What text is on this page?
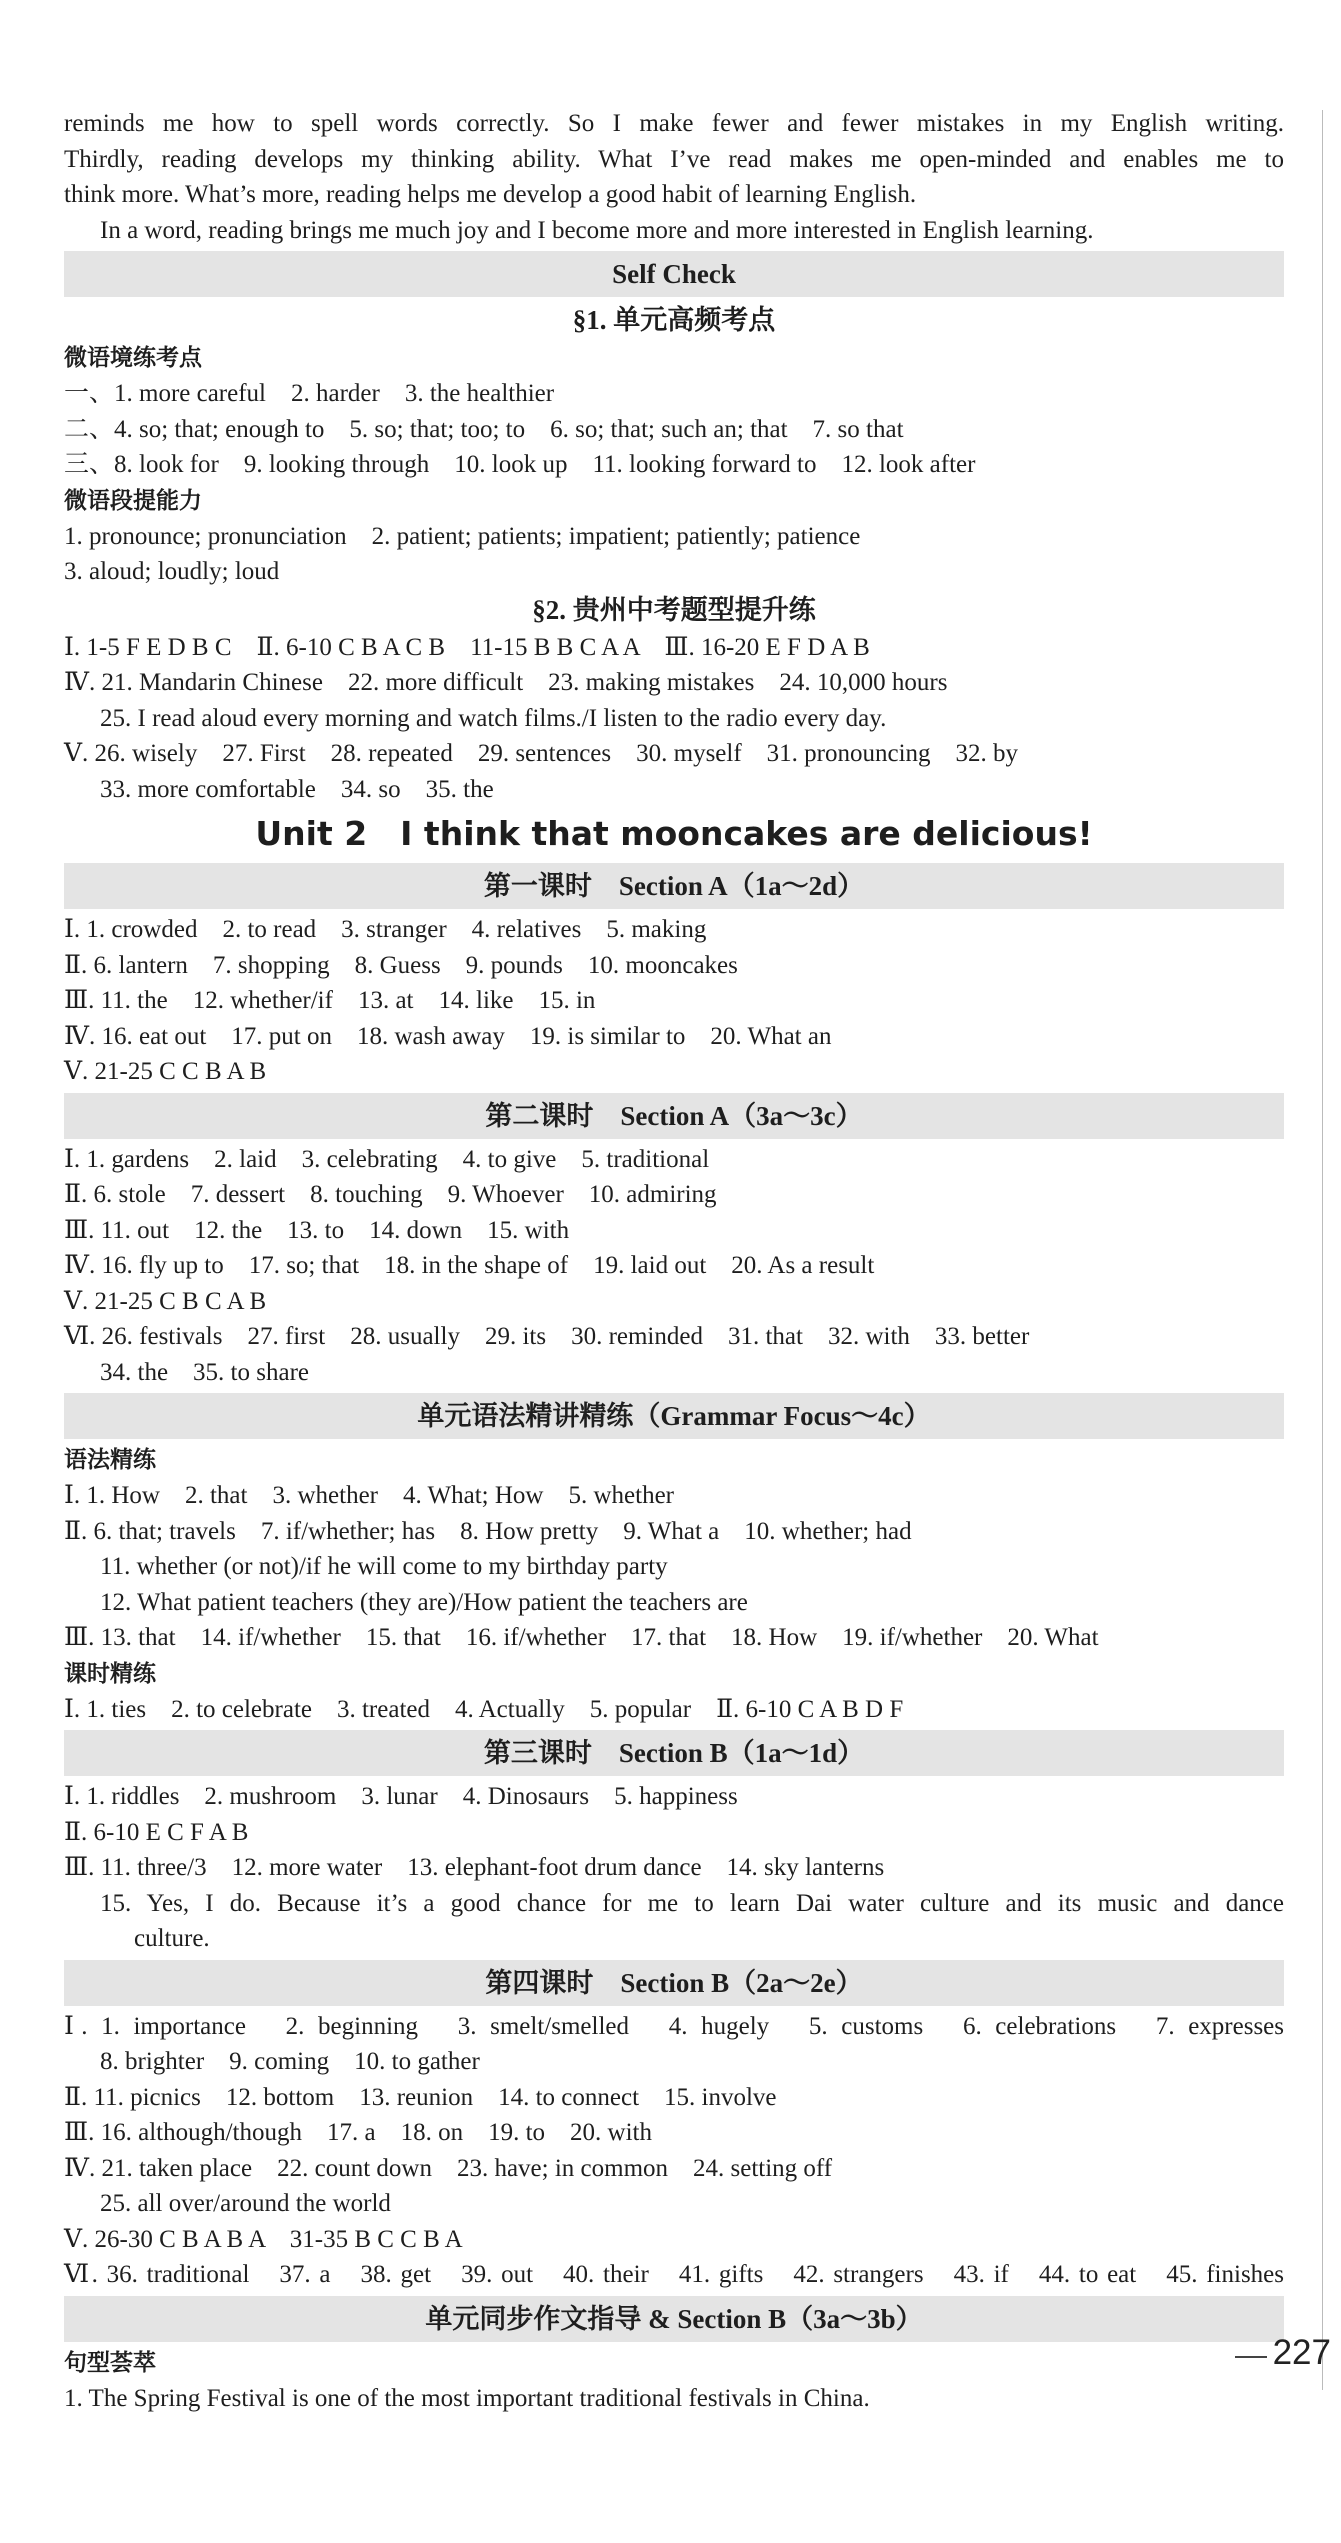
reminds me how to spell words correctly. So I make fewer and fewer mistakes in my English writing.
Thirdly, reading develops my thinking ability. What I’ve read makes me open-minded and enables me to
think more. What’s more, reading helps me develop a good habit of learning English.
In a word, reading brings me much joy and I become more and more interested in English learning.
Self Check
§1. 单元高频考点
微语境练考点
一、1. more careful　2. harder　3. the healthier
二、4. so; that; enough to　5. so; that; too; to　6. so; that; such an; that　7. so that
三、8. look for　9. looking through　10. look up　11. looking forward to　12. look after
微语段提能力
1. pronounce; pronunciation　2. patient; patients; impatient; patiently; patience
3. aloud; loudly; loud
§2. 贵州中考题型提升练
Ⅰ. 1-5 F E D B C　Ⅱ. 6-10 C B A C B　11-15 B B C A A　Ⅲ. 16-20 E F D A B
Ⅳ. 21. Mandarin Chinese　22. more difficult　23. making mistakes　24. 10,000 hours
25. I read aloud every morning and watch films./I listen to the radio every day.
Ⅴ. 26. wisely　27. First　28. repeated　29. sentences　30. myself　31. pronouncing　32. by
33. more comfortable　34. so　35. the
Unit 2　I think that mooncakes are delicious!
第一课时　Section A（1a～2d）
Ⅰ. 1. crowded　2. to read　3. stranger　4. relatives　5. making
Ⅱ. 6. lantern　7. shopping　8. Guess　9. pounds　10. mooncakes
Ⅲ. 11. the　12. whether/if　13. at　14. like　15. in
Ⅳ. 16. eat out　17. put on　18. wash away　19. is similar to　20. What an
Ⅴ. 21-25 C C B A B
第二课时　Section A（3a～3c）
Ⅰ. 1. gardens　2. laid　3. celebrating　4. to give　5. traditional
Ⅱ. 6. stole　7. dessert　8. touching　9. Whoever　10. admiring
Ⅲ. 11. out　12. the　13. to　14. down　15. with
Ⅳ. 16. fly up to　17. so; that　18. in the shape of　19. laid out　20. As a result
Ⅴ. 21-25 C B C A B
Ⅵ. 26. festivals　27. first　28. usually　29. its　30. reminded　31. that　32. with　33. better
34. the　35. to share
单元语法精讲精练（Grammar Focus～4c）
语法精练
Ⅰ. 1. How　2. that　3. whether　4. What; How　5. whether
Ⅱ. 6. that; travels　7. if/whether; has　8. How pretty　9. What a　10. whether; had
11. whether (or not)/if he will come to my birthday party
12. What patient teachers (they are)/How patient the teachers are
Ⅲ. 13. that　14. if/whether　15. that　16. if/whether　17. that　18. How　19. if/whether　20. What
课时精练
Ⅰ. 1. ties　2. to celebrate　3. treated　4. Actually　5. popular　Ⅱ. 6-10 C A B D F
第三课时　Section B（1a～1d）
Ⅰ. 1. riddles　2. mushroom　3. lunar　4. Dinosaurs　5. happiness
Ⅱ. 6-10 E C F A B
Ⅲ. 11. three/3　12. more water　13. elephant-foot drum dance　14. sky lanterns
15. Yes, I do. Because it’s a good chance for me to learn Dai water culture and its music and dance
culture.
第四课时　Section B（2a～2e）
Ⅰ. 1. importance　2. beginning　3. smelt/smelled　4. hugely　5. customs　6. celebrations　7. expresses
8. brighter　9. coming　10. to gather
Ⅱ. 11. picnics　12. bottom　13. reunion　14. to connect　15. involve
Ⅲ. 16. although/though　17. a　18. on　19. to　20. with
Ⅳ. 21. taken place　22. count down　23. have; in common　24. setting off
25. all over/around the world
Ⅴ. 26-30 C B A B A　31-35 B C C B A
Ⅵ. 36. traditional　37. a　38. get　39. out　40. their　41. gifts　42. strangers　43. if　44. to eat　45. finishes
单元同步作文指导 & Section B（3a～3b）
句型荟萃
1. The Spring Festival is one of the most important traditional festivals in China.
227
